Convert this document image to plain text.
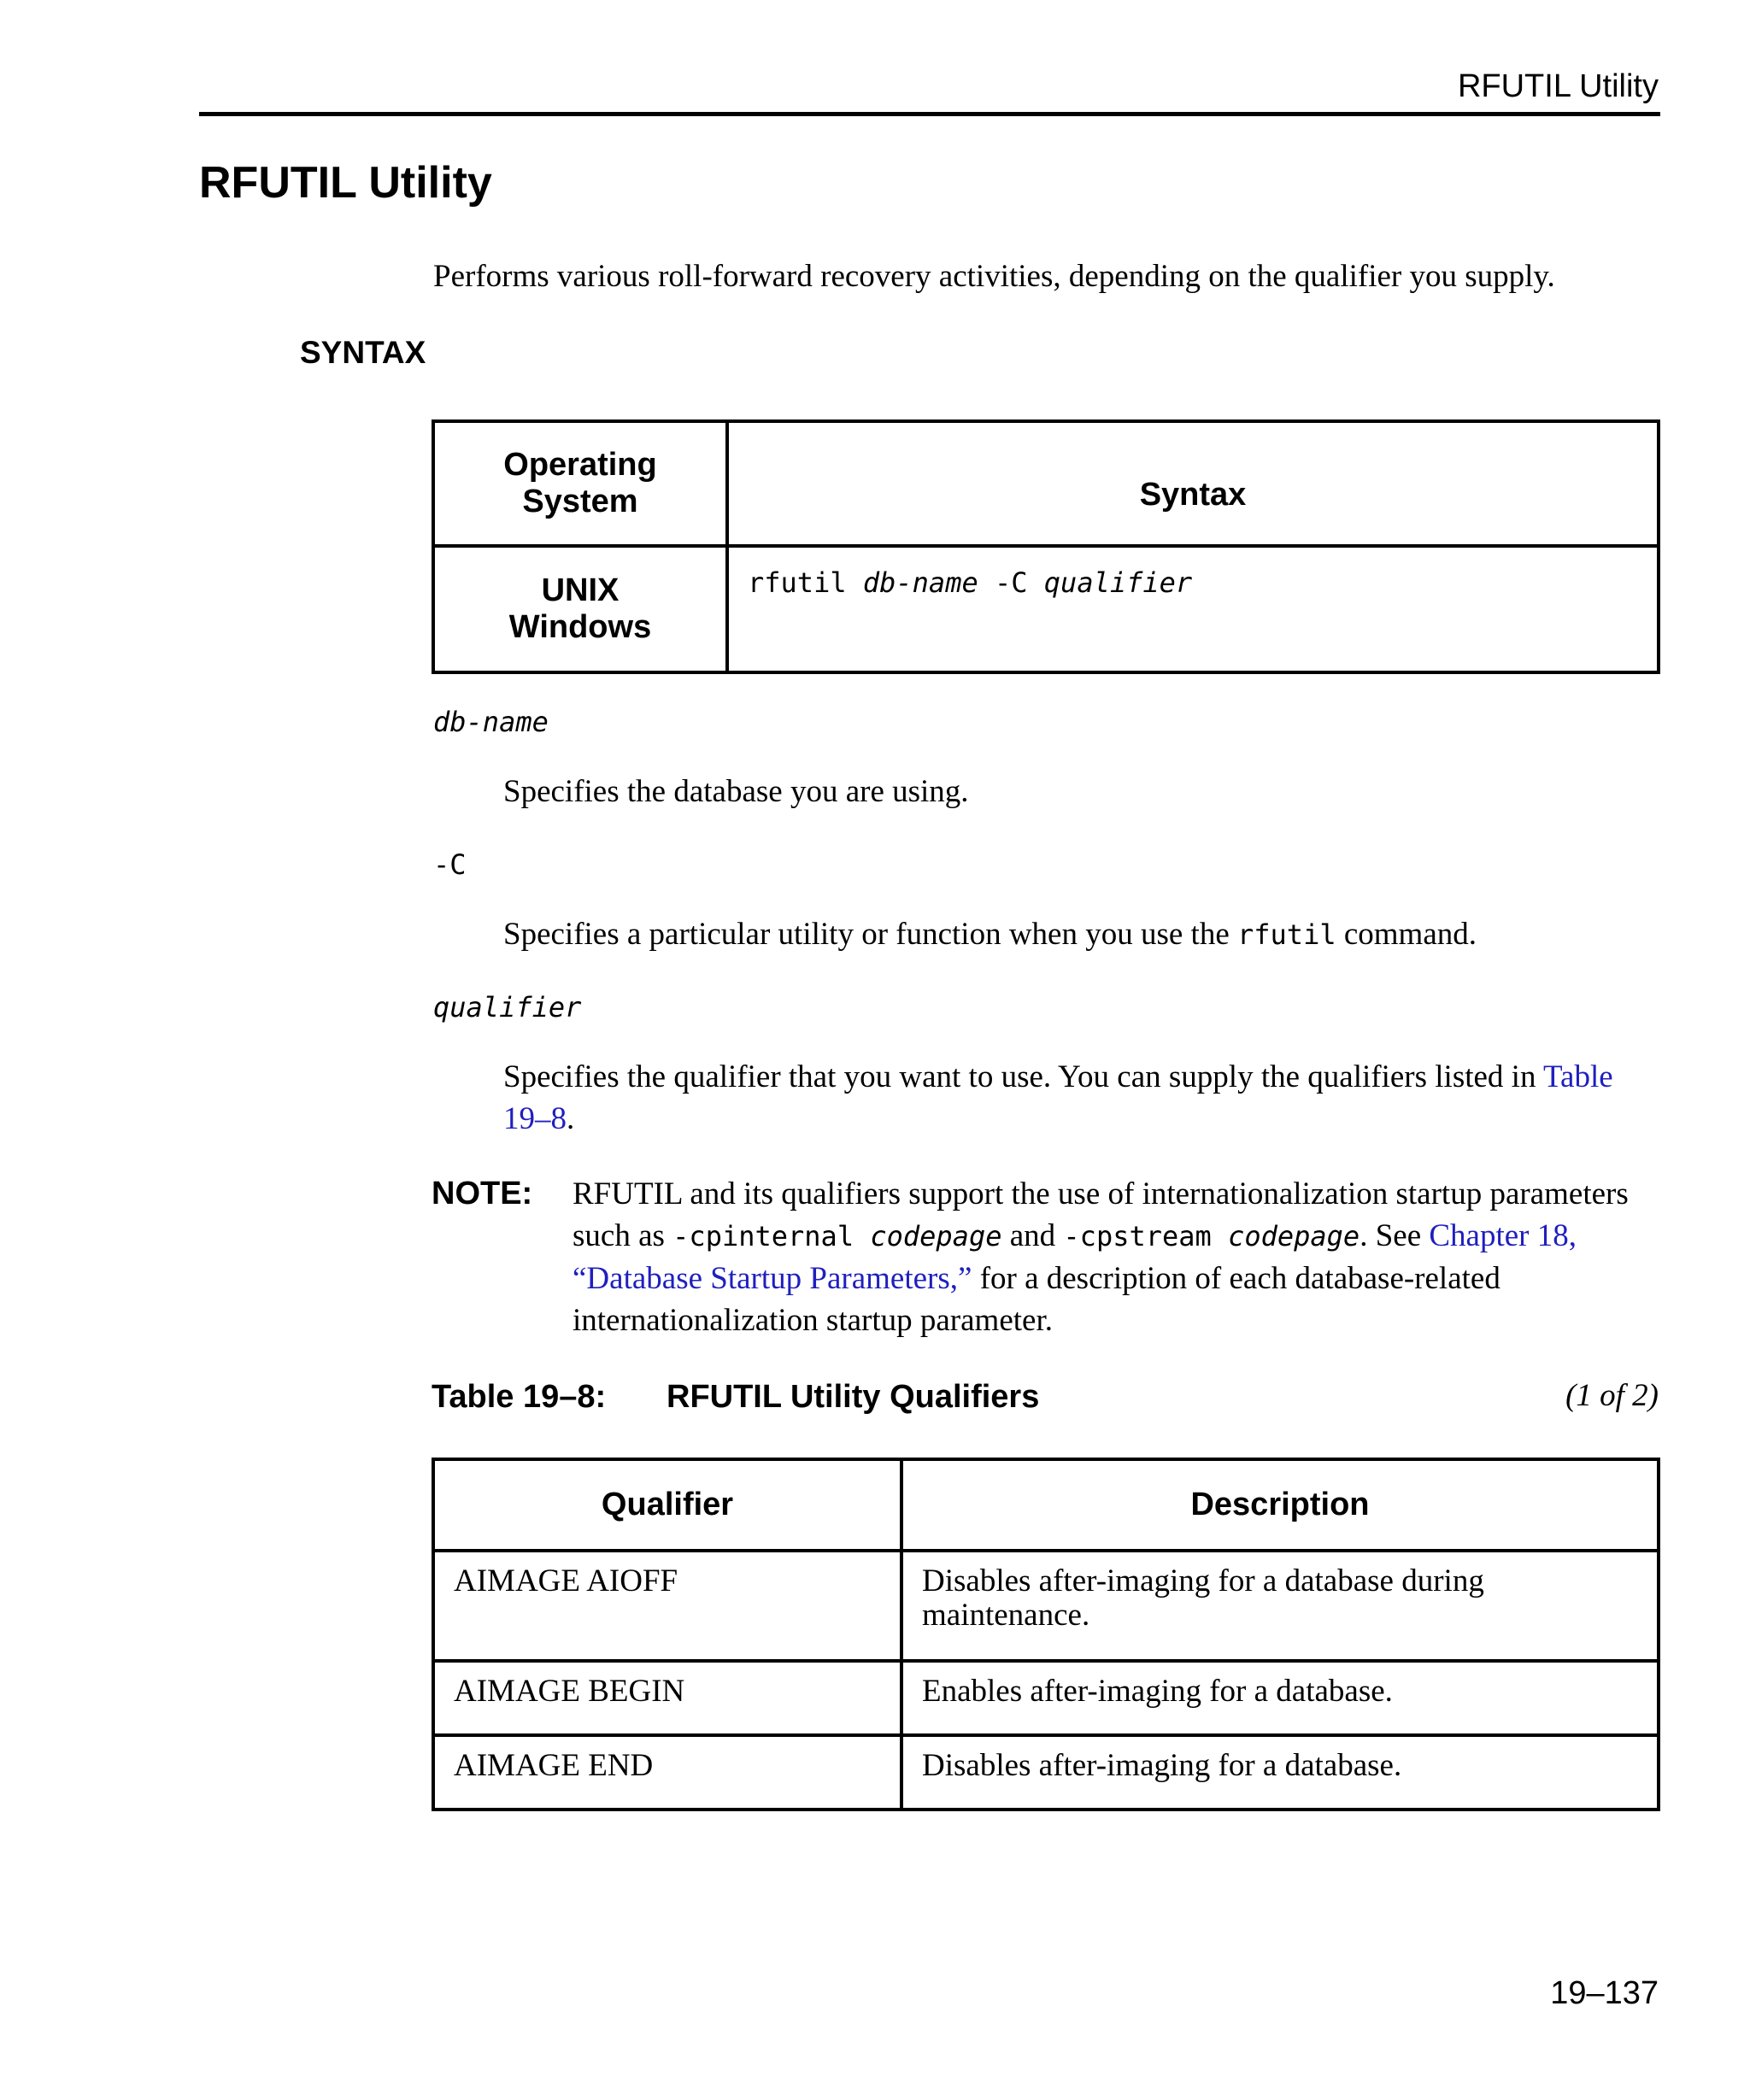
RFUTIL Utility
RFUTIL Utility
Performs various roll-forward recovery activities, depending on the qualifier you supply.
SYNTAX
Operating
System	Syntax
UNIX
Windows	rfutil db-name -C qualifier
db-name
Specifies the database you are using.
-C
Specifies a particular utility or function when you use the rfutil command.
qualifier
Specifies the qualifier that you want to use. You can supply the qualifiers listed in Table
19–8.
NOTE: RFUTIL and its qualifiers support the use of internationalization startup parameters
such as -cpinternal codepage and -cpstream codepage. See Chapter 18,
“Database Startup Parameters,” for a description of each database-related
internationalization startup parameter.
Table 19–8: RFUTIL Utility Qualifiers	(1 of 2)
Qualifier	Description
AIMAGE AIOFF	Disables after-imaging for a database during maintenance.
AIMAGE BEGIN	Enables after-imaging for a database.
AIMAGE END	Disables after-imaging for a database.
19–137
